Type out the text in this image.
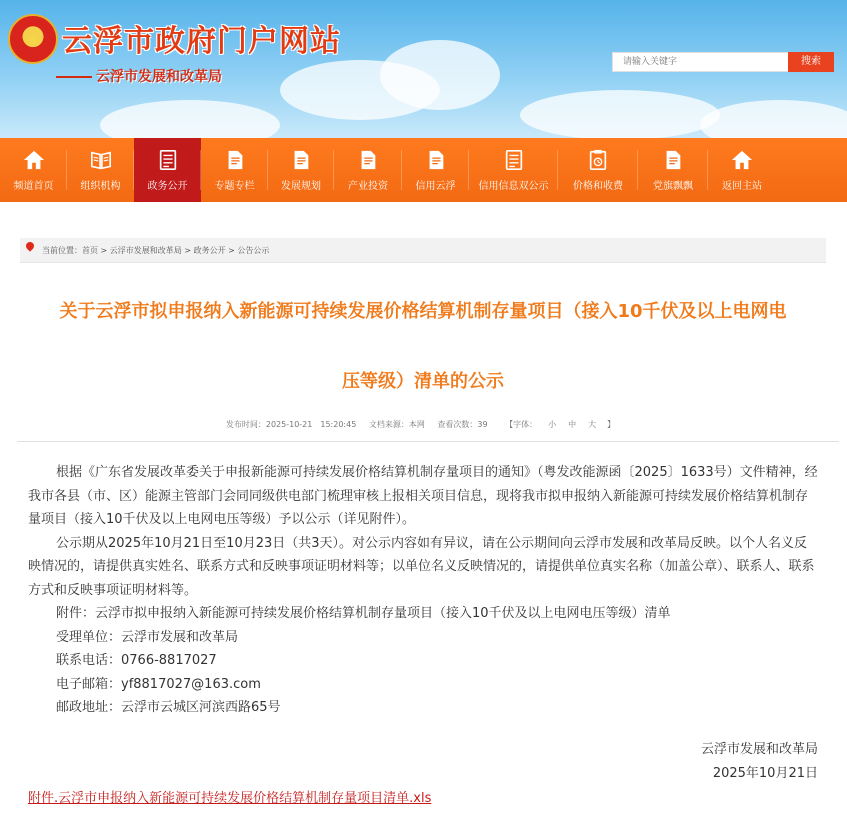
★ 云浮市政府门户网站
云浮市发展和改革局
请输入关键字
搜索
频道首页	组织机构	政务公开	专题专栏	发展规划	产业投资	信用云浮 信用信息双公示 价格和收费	党旗飘飘	返回主站
当前位置：首页 > 云浮市发展和改革局 > 政务公开 > 公告公示
关于云浮市拟申报纳入新能源可持续发展价格结算机制存量项目（接入10千伏及以上电网电
压等级）清单的公示
发布时间：2025-10-21　15:20:45 文档来源：本网 查看次数：39 【字体： 小 中 大 】

根据《广东省发展改革委关于申报新能源可持续发展价格结算机制存量项目的通知》（粤发改能源函〔2025〕1633号）文件精神，经我市各县（市、区）能源主管部门会同同级供电部门梳理审核上报相关项目信息，现将我市拟申报纳入新能源可持续发展价格结算机制存量项目（接入10千伏及以上电网电压等级）予以公示（详见附件）。

公示期从2025年10月21日至10月23日（共3天）。对公示内容如有异议，请在公示期间向云浮市发展和改革局反映。以个人名义反映情况的，请提供真实姓名、联系方式和反映事项证明材料等；以单位名义反映情况的，请提供单位真实名称（加盖公章）、联系人、联系方式和反映事项证明材料等。

附件：云浮市拟申报纳入新能源可持续发展价格结算机制存量项目（接入10千伏及以上电网电压等级）清单
受理单位：云浮市发展和改革局
联系电话：0766-8817027
电子邮箱：yf8817027@163.com
邮政地址：云浮市云城区河滨西路65号
云浮市发展和改革局
2025年10月21日
附件.云浮市申报纳入新能源可持续发展价格结算机制存量项目清单.xls
